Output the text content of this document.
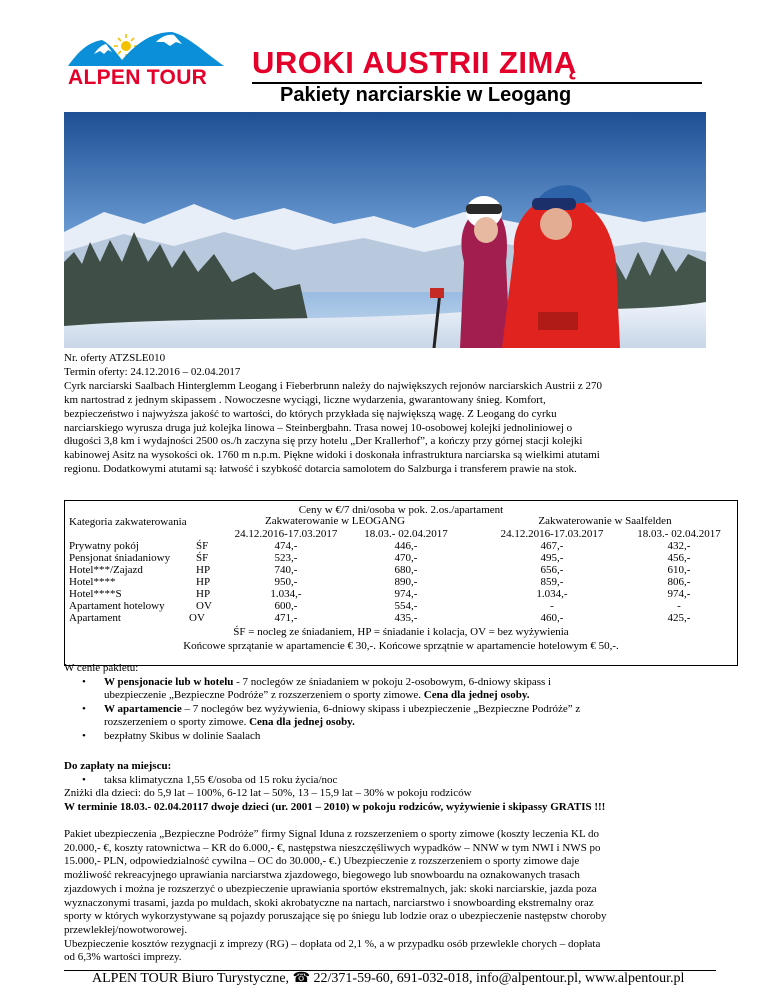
ALPEN TOUR UROKI AUSTRII ZIMĄ
Pakiety narciarskie w Leogang

Nr. oferty ATZSLE010

Termin oferty: 24.12.2016 – 02.04.2017

Cyrk narciarski Saalbach Hinterglemm Leogang i Fieberbrunn należy do największych rejonów narciarskich Austrii z 270

km nartostrad z jednym skipassem . Nowoczesne wyciągi, liczne wydarzenia, gwarantowany śnieg. Komfort,

bezpieczeństwo i najwyższa jakość to wartości, do których przykłada się największą wagę. Z Leogang do cyrku

narciarskiego wyrusza druga już kolejka linowa – Steinbergbahn. Trasa nowej 10-osobowej kolejki jednoliniowej o

długości 3,8 km i wydajności 2500 os./h zaczyna się przy hotelu „Der Krallerhof”, a kończy przy górnej stacji kolejki

kabinowej Asitz na wysokości ok. 1760 m n.p.m. Piękne widoki i doskonała infrastruktura narciarska są wielkimi atutami

regionu. Dodatkowymi atutami są: łatwość i szybkość dotarcia samolotem do Salzburga i transferem prawie na stok.

Ceny w €/7 dni/osoba w pok. 2.os./apartament
Kategoria zakwaterowania	Zakwaterowanie w LEOGANG	Zakwaterowanie w Saalfelden
24.12.2016-17.03.2017	18.03.- 02.04.2017	24.12.2016-17.03.2017	18.03.- 02.04.2017
Prywatny pokój	ŚF	474,-	446,-	467,-	432,-
Pensjonat śniadaniowy ŚF	523,-	470,-	495,-	456,-
Hotel***/Zajazd	HP	740,-	680,-	656,-	610,-
Hotel****	HP	950,-	890,-	859,-	806,-
Hotel****S	HP	1.034,-	974,-	1.034,-	974,-
Apartament hotelowy	OV	600,-	554,-	-	-
Apartament	OV	471,-	435,-	460,-	425,-
ŚF = nocleg ze śniadaniem, HP = śniadanie i kolacja, OV = bez wyżywienia
Końcowe sprzątanie w apartamencie € 30,-. Końcowe sprzątnie w apartamencie hotelowym € 50,-.
W cenie pakietu:
• W pensjonacie lub w hotelu - 7 noclegów ze śniadaniem w pokoju 2-osobowym, 6-dniowy skipass i
ubezpieczenie „Bezpieczne Podróże” z rozszerzeniem o sporty zimowe. Cena dla jednej osoby.
• W apartamencie – 7 noclegów bez wyżywienia, 6-dniowy skipass i ubezpieczenie „Bezpieczne Podróże” z
rozszerzeniem o sporty zimowe. Cena dla jednej osoby.
• bezpłatny Skibus w dolinie Saalach
Do zapłaty na miejscu:
• taksa klimatyczna 1,55 €/osoba od 15 roku życia/noc
Zniżki dla dzieci: do 5,9 lat – 100%, 6-12 lat – 50%, 13 – 15,9 lat – 30% w pokoju rodziców
W terminie 18.03.- 02.04.20117 dwoje dzieci (ur. 2001 – 2010) w pokoju rodziców, wyżywienie i skipassy GRATIS !!!

Pakiet ubezpieczenia „Bezpieczne Podróże” firmy Signal Iduna z rozszerzeniem o sporty zimowe (koszty leczenia KL do

20.000,- €, koszty ratownictwa – KR do 6.000,- €, następstwa nieszczęśliwych wypadków – NNW w tym NWI i NWS po

15.000,- PLN, odpowiedzialność cywilna – OC do 30.000,- €.) Ubezpieczenie z rozszerzeniem o sporty zimowe daje

możliwość rekreacyjnego uprawiania narciarstwa zjazdowego, biegowego lub snowboardu na oznakowanych trasach

zjazdowych i można je rozszerzyć o ubezpieczenie uprawiania sportów ekstremalnych, jak: skoki narciarskie, jazda poza

wyznaczonymi trasami, jazda po muldach, skoki akrobatyczne na nartach, narciarstwo i snowboarding ekstremalny oraz

sporty w których wykorzystywane są pojazdy poruszające się po śniegu lub lodzie oraz o ubezpieczenie następstw choroby

przewlekłej/nowotworowej.

Ubezpieczenie kosztów rezygnacji z imprezy (RG) – dopłata od 2,1 %, a w przypadku osób przewlekle chorych – dopłata

od 6,3% wartości imprezy.

ALPEN TOUR Biuro Turystyczne, ☎ 22/371-59-60, 691-032-018, info@alpentour.pl, www.alpentour.pl
